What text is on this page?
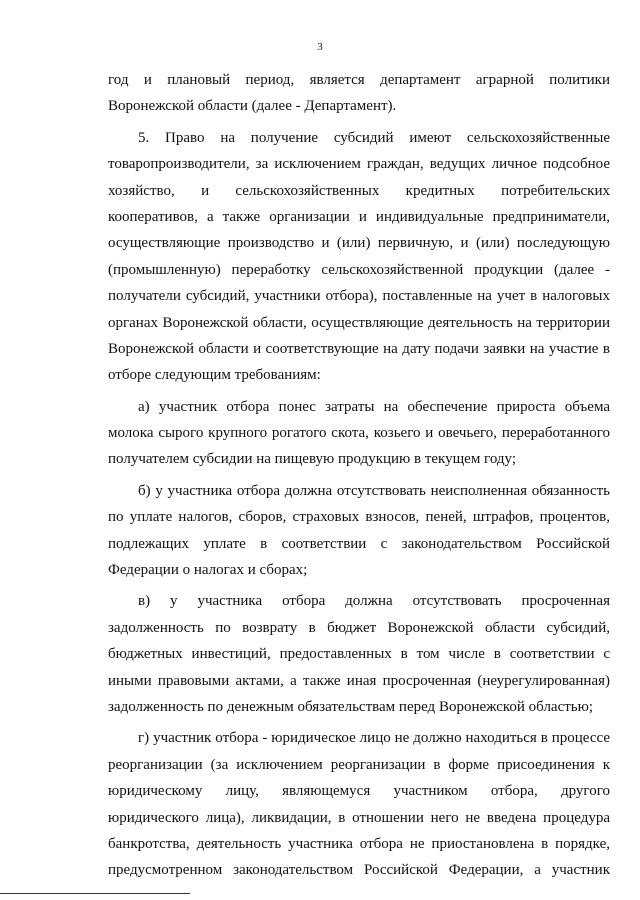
3
год и плановый период, является департамент аграрной политики
Воронежской области (далее - Департамент).
5. Право на получение субсидий имеют сельскохозяйственные
товаропроизводители, за исключением граждан, ведущих личное подсобное
хозяйство, и сельскохозяйственных кредитных потребительских
кооперативов, а также организации и индивидуальные предприниматели,
осуществляющие производство и (или) первичную, и (или) последующую
(промышленную) переработку сельскохозяйственной продукции (далее -
получатели субсидий, участники отбора), поставленные на учет в налоговых
органах Воронежской области, осуществляющие деятельность на территории
Воронежской области и соответствующие на дату подачи заявки на участие в
отборе следующим требованиям:
а) участник отбора понес затраты на обеспечение прироста объема
молока сырого крупного рогатого скота, козьего и овечьего, переработанного
получателем субсидии на пищевую продукцию в текущем году;
б) у участника отбора должна отсутствовать неисполненная обязанность
по уплате налогов, сборов, страховых взносов, пеней, штрафов, процентов,
подлежащих уплате в соответствии с законодательством Российской
Федерации о налогах и сборах;
в) у участника отбора должна отсутствовать просроченная
задолженность по возврату в бюджет Воронежской области субсидий,
бюджетных инвестиций, предоставленных в том числе в соответствии с
иными правовыми актами, а также иная просроченная (неурегулированная)
задолженность по денежным обязательствам перед Воронежской областью;
г) участник отбора - юридическое лицо не должно находиться в процессе
реорганизации (за исключением реорганизации в форме присоединения к
юридическому лицу, являющемуся участником отбора, другого
юридического лица), ликвидации, в отношении него не введена процедура
банкротства, деятельность участника отбора не приостановлена в порядке,
предусмотренном законодательством Российской Федерации, а участник
